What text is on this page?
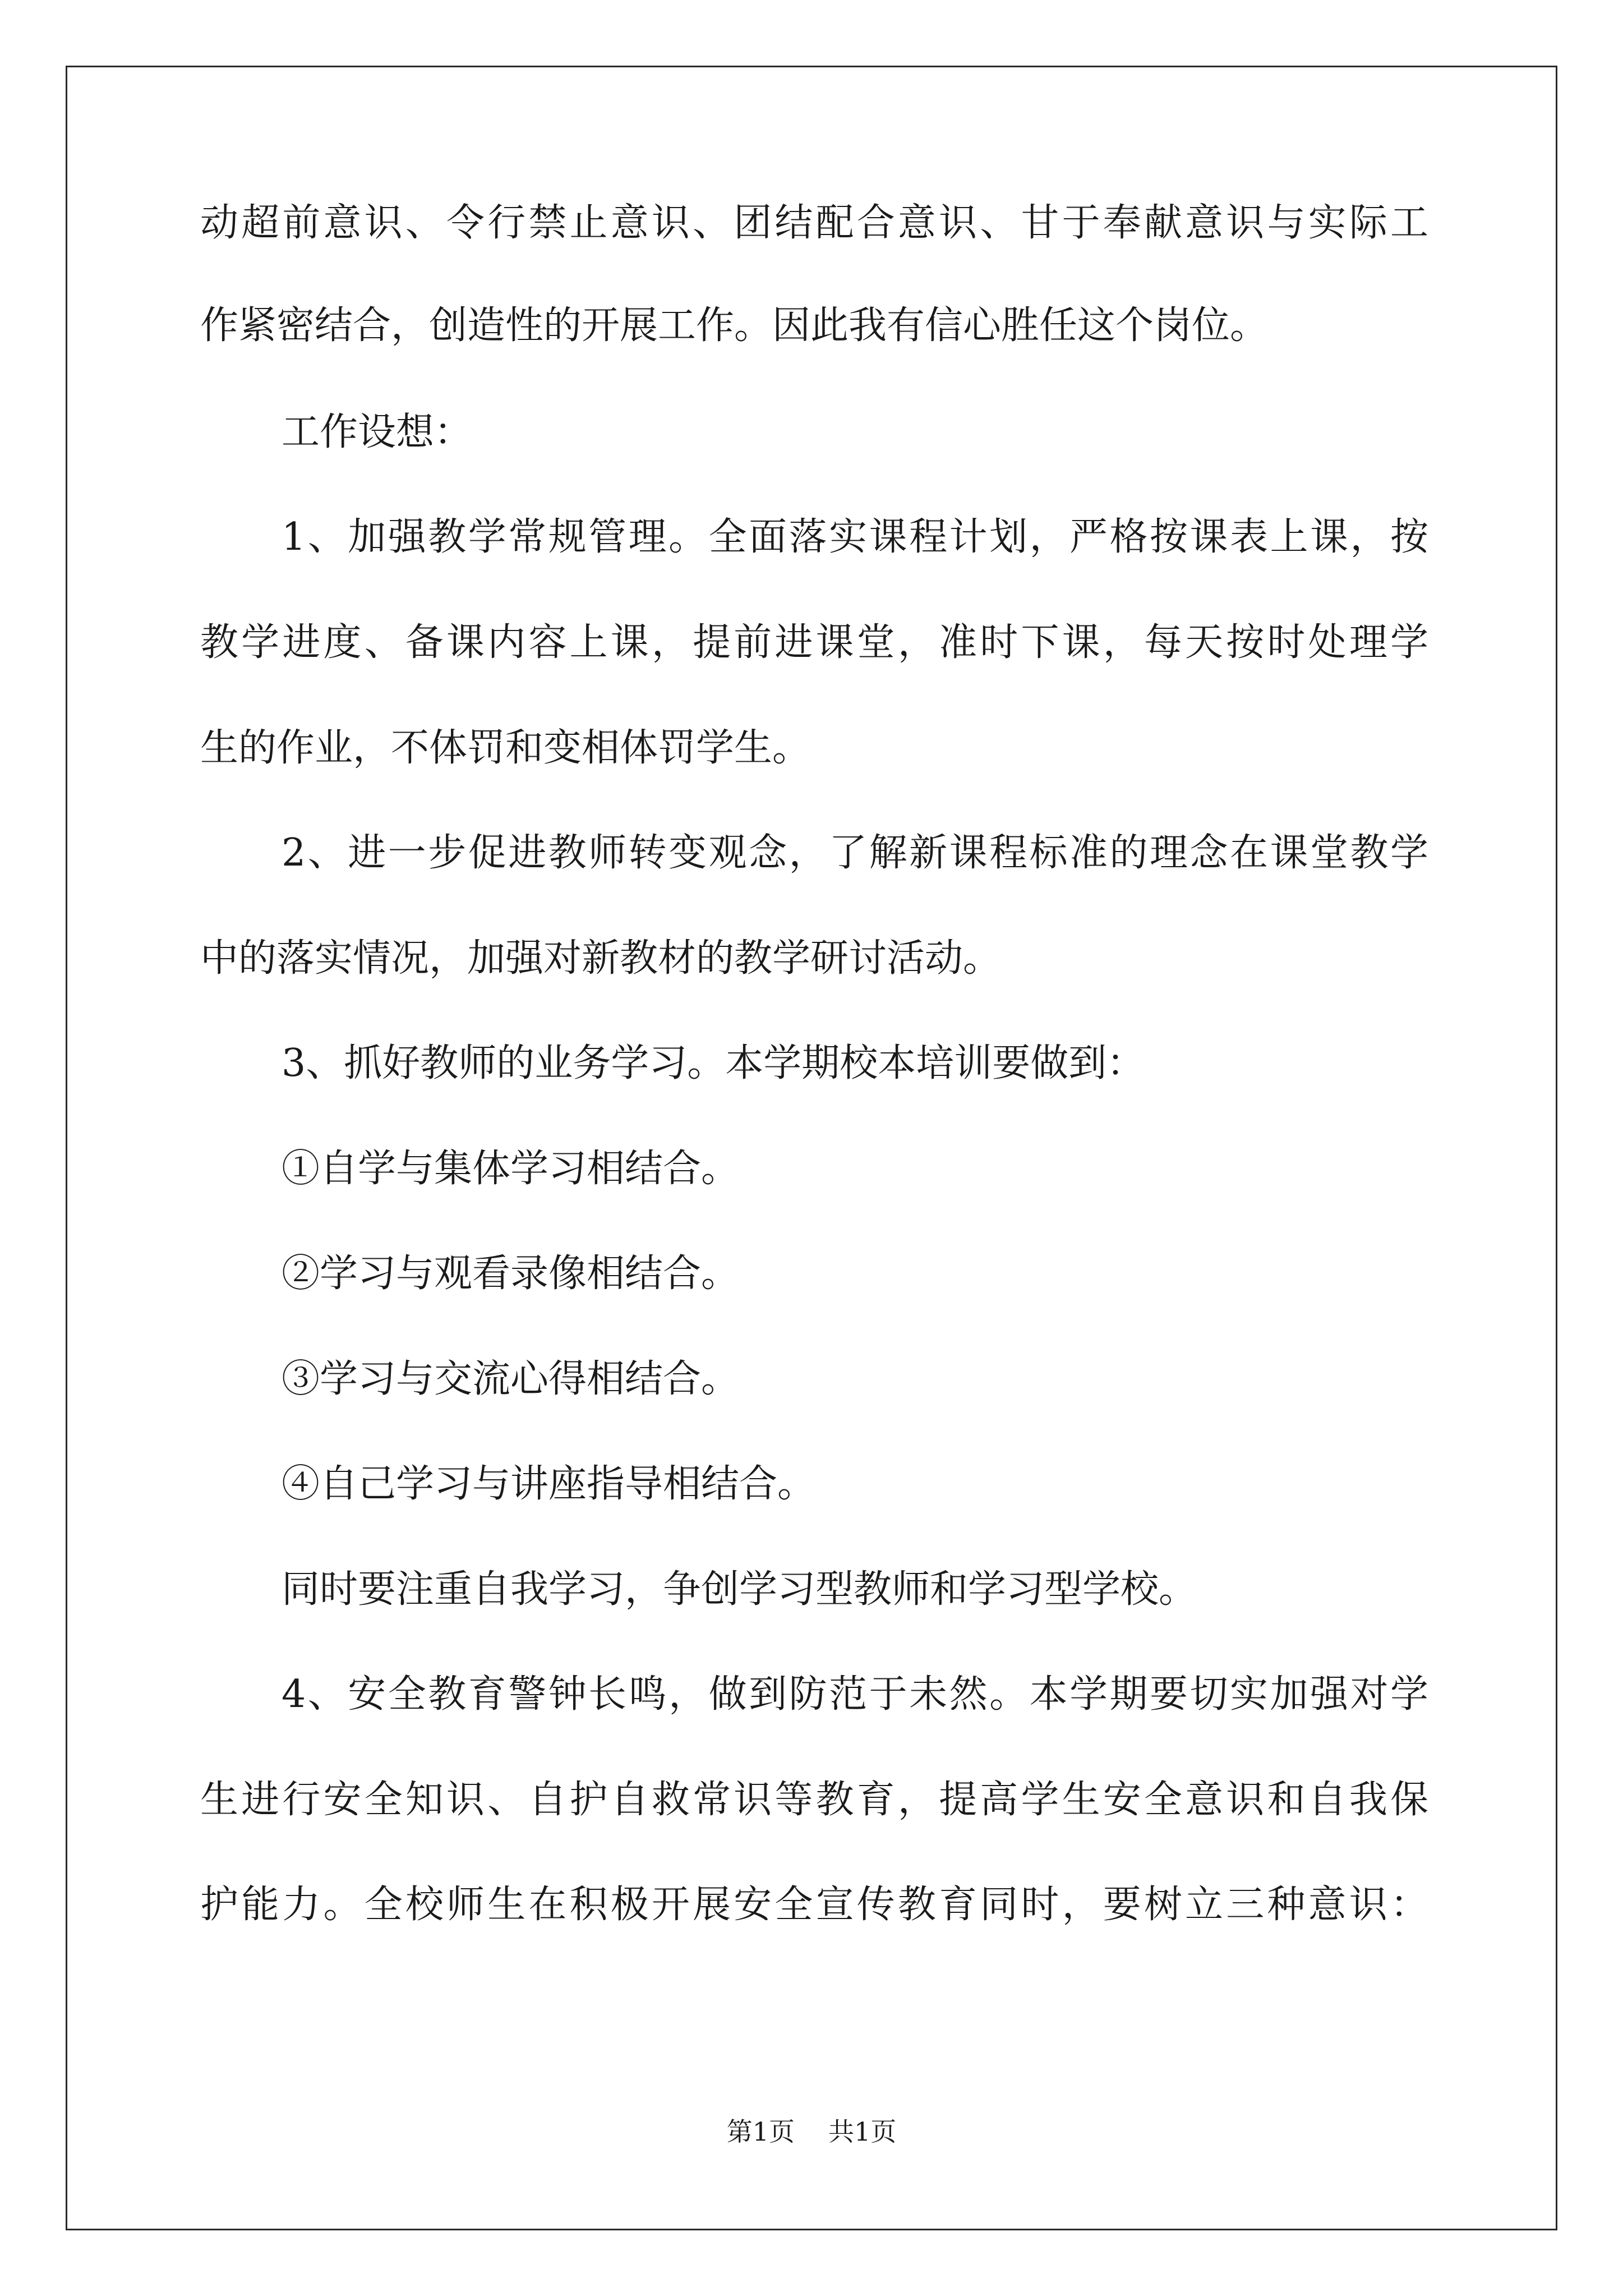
动超前意识、令行禁止意识、团结配合意识、甘于奉献意识与实际工
作紧密结合，创造性的开展工作。因此我有信心胜任这个岗位。
工作设想：
1、加强教学常规管理。全面落实课程计划，严格按课表上课，按
教学进度、备课内容上课，提前进课堂，准时下课，每天按时处理学
生的作业，不体罚和变相体罚学生。
2、进一步促进教师转变观念，了解新课程标准的理念在课堂教学
中的落实情况，加强对新教材的教学研讨活动。
3、抓好教师的业务学习。本学期校本培训要做到：
①自学与集体学习相结合。
②学习与观看录像相结合。
③学习与交流心得相结合。
④自己学习与讲座指导相结合。
同时要注重自我学习，争创学习型教师和学习型学校。
4、安全教育警钟长鸣，做到防范于未然。本学期要切实加强对学
生进行安全知识、自护自救常识等教育，提高学生安全意识和自我保
护能力。全校师生在积极开展安全宣传教育同时，要树立三种意识：
第1页 共1页
